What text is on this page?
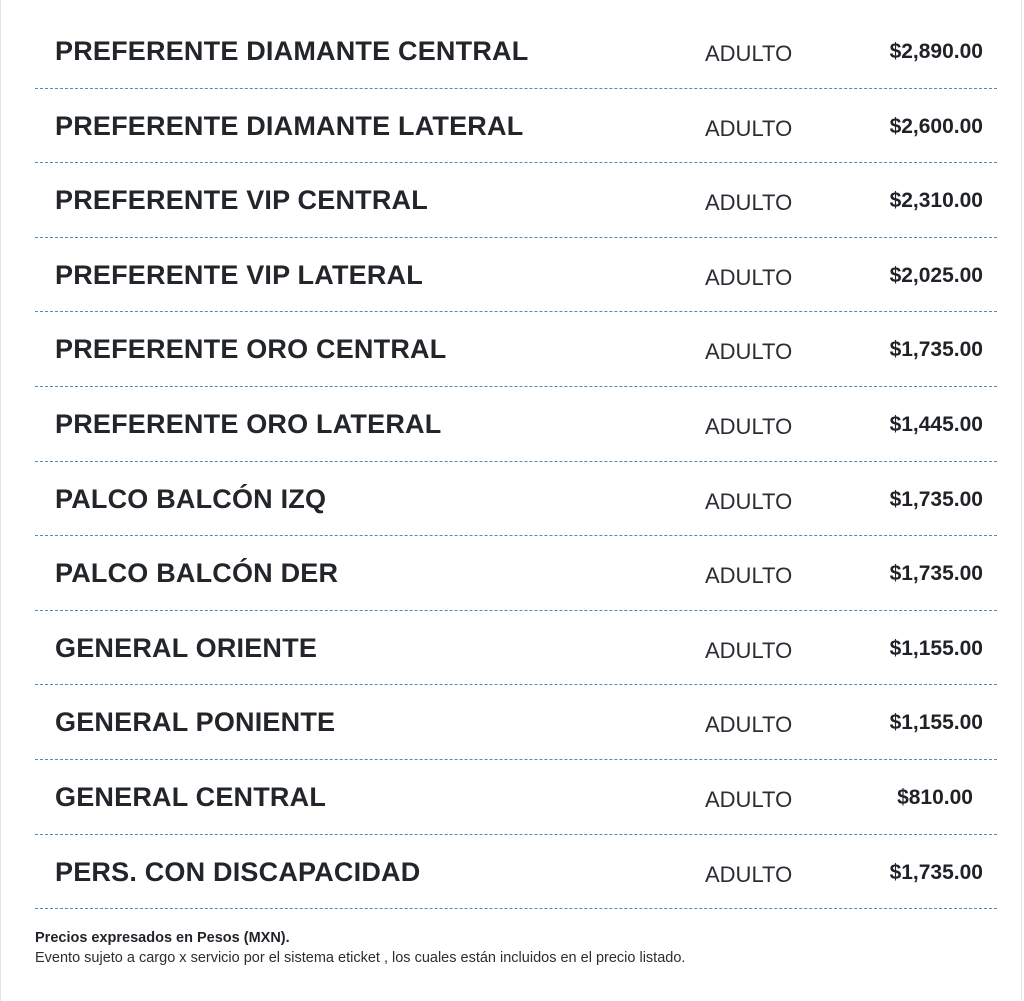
PREFERENTE DIAMANTE CENTRAL	ADULTO	$2,890.00
PREFERENTE DIAMANTE LATERAL	ADULTO	$2,600.00
PREFERENTE VIP CENTRAL	ADULTO	$2,310.00
PREFERENTE VIP LATERAL	ADULTO	$2,025.00
PREFERENTE ORO CENTRAL	ADULTO	$1,735.00
PREFERENTE ORO LATERAL	ADULTO	$1,445.00
PALCO BALCÓN IZQ	ADULTO	$1,735.00
PALCO BALCÓN DER	ADULTO	$1,735.00
GENERAL ORIENTE	ADULTO	$1,155.00
GENERAL PONIENTE	ADULTO	$1,155.00
GENERAL CENTRAL	ADULTO	$810.00
PERS. CON DISCAPACIDAD	ADULTO	$1,735.00

Precios expresados en Pesos (MXN).

Evento sujeto a cargo x servicio por el sistema eticket , los cuales están incluidos en el precio listado.
